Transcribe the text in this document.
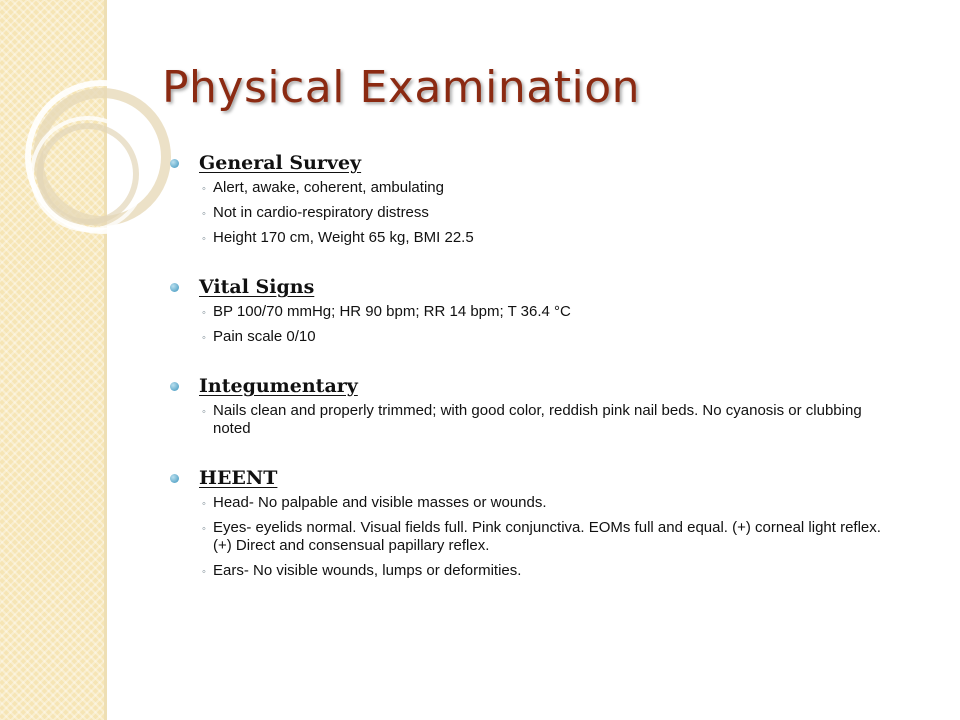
Physical Examination
General Survey
◦ Alert, awake, coherent, ambulating
◦ Not in cardio-respiratory distress
◦ Height 170 cm, Weight 65 kg, BMI 22.5
Vital Signs
◦ BP 100/70 mmHg; HR 90 bpm; RR 14 bpm; T 36.4 °C
◦ Pain scale 0/10
Integumentary
◦ Nails clean and properly trimmed; with good color, reddish pink nail beds. No cyanosis or clubbing noted
HEENT
◦ Head- No palpable and visible masses or wounds.
◦ Eyes- eyelids normal. Visual fields full. Pink conjunctiva. EOMs full and equal. (+) corneal light reflex. (+) Direct and consensual papillary reflex.
◦ Ears- No visible wounds, lumps or deformities.
